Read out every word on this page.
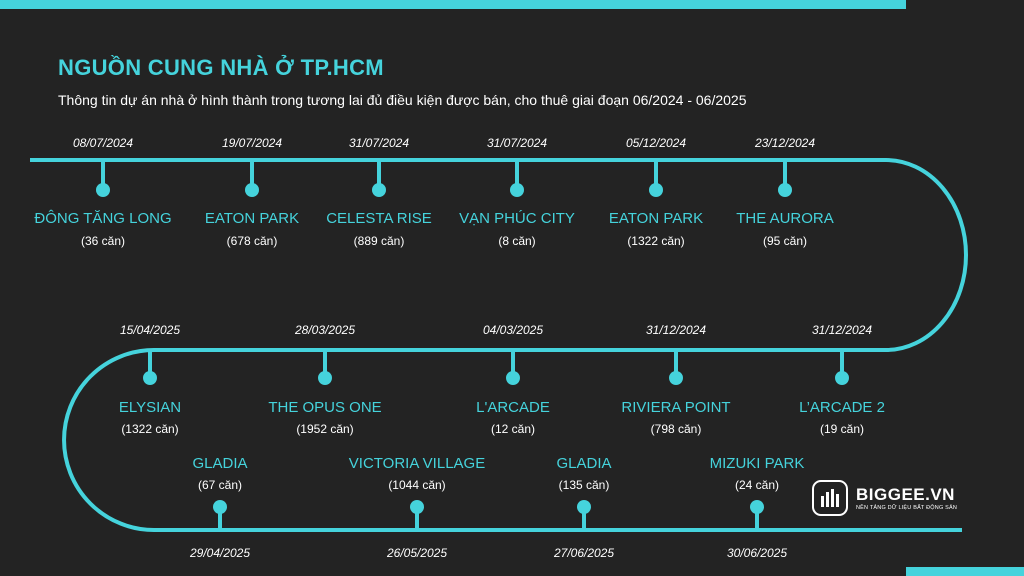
NGUỒN CUNG NHÀ Ở TP.HCM
Thông tin dự án nhà ở hình thành trong tương lai đủ điều kiện được bán, cho thuê giai đoạn 06/2024 - 06/2025
08/07/2024
ĐÔNG TĂNG LONG
(36 căn)
19/07/2024
EATON PARK
(678 căn)
31/07/2024
CELESTA RISE
(889 căn)
31/07/2024
VẠN PHÚC CITY
(8 căn)
05/12/2024
EATON PARK
(1322 căn)
23/12/2024
THE AURORA
(95 căn)
15/04/2025
ELYSIAN
(1322 căn)
28/03/2025
THE OPUS ONE
(1952 căn)
04/03/2025
L'ARCADE
(12 căn)
31/12/2024
RIVIERA POINT
(798 căn)
31/12/2024
L’ARCADE 2
(19 căn)
29/04/2025
GLADIA
(67 căn)
26/05/2025
VICTORIA VILLAGE
(1044 căn)
27/06/2025
GLADIA
(135 căn)
30/06/2025
MIZUKI PARK
(24 căn)	BIGGEE.VN
NỀN TẢNG DỮ LIỆU BẤT ĐỘNG SẢN
